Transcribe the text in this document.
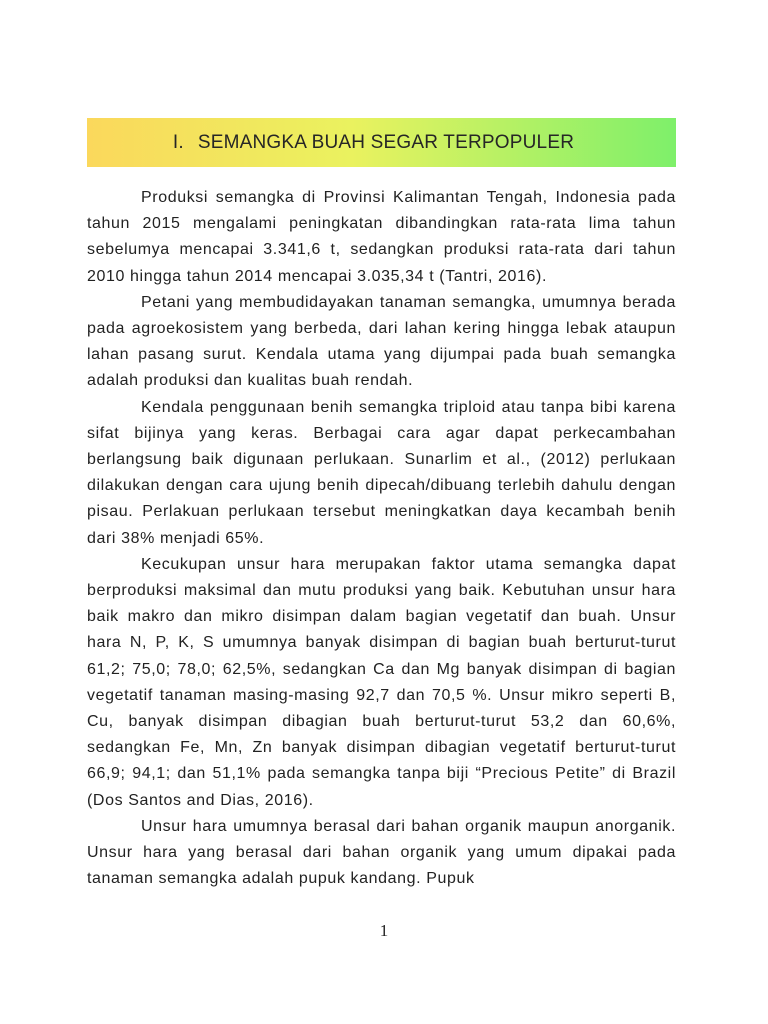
I. SEMANGKA BUAH SEGAR TERPOPULER

Produksi semangka di Provinsi Kalimantan Tengah, Indonesia pada tahun 2015 mengalami peningkatan dibandingkan rata-rata lima tahun sebelumya mencapai 3.341,6 t, sedangkan produksi rata-rata dari tahun 2010 hingga tahun 2014 mencapai 3.035,34 t (Tantri, 2016).

Petani yang membudidayakan tanaman semangka, umumnya berada pada agroekosistem yang berbeda, dari lahan kering hingga lebak ataupun lahan pasang surut. Kendala utama yang dijumpai pada buah semangka adalah produksi dan kualitas buah rendah.

Kendala penggunaan benih semangka triploid atau tanpa bibi karena sifat bijinya yang keras. Berbagai cara agar dapat perkecambahan berlangsung baik digunaan perlukaan. Sunarlim et al., (2012) perlukaan dilakukan dengan cara ujung benih dipecah/dibuang terlebih dahulu dengan pisau. Perlakuan perlukaan tersebut meningkatkan daya kecambah benih dari 38% menjadi 65%.

Kecukupan unsur hara merupakan faktor utama semangka dapat berproduksi maksimal dan mutu produksi yang baik. Kebutuhan unsur hara baik makro dan mikro disimpan dalam bagian vegetatif dan buah. Unsur hara N, P, K, S umumnya banyak disimpan di bagian buah berturut-turut 61,2; 75,0; 78,0; 62,5%, sedangkan Ca dan Mg banyak disimpan di bagian vegetatif tanaman masing-masing 92,7 dan 70,5 %. Unsur mikro seperti B, Cu, banyak disimpan dibagian buah berturut-turut 53,2 dan 60,6%, sedangkan Fe, Mn, Zn banyak disimpan dibagian vegetatif berturut-turut 66,9; 94,1; dan 51,1% pada semangka tanpa biji “Precious Petite” di Brazil (Dos Santos and Dias, 2016).

Unsur hara umumnya berasal dari bahan organik maupun anorganik. Unsur hara yang berasal dari bahan organik yang umum dipakai pada tanaman semangka adalah pupuk kandang. Pupuk

1
